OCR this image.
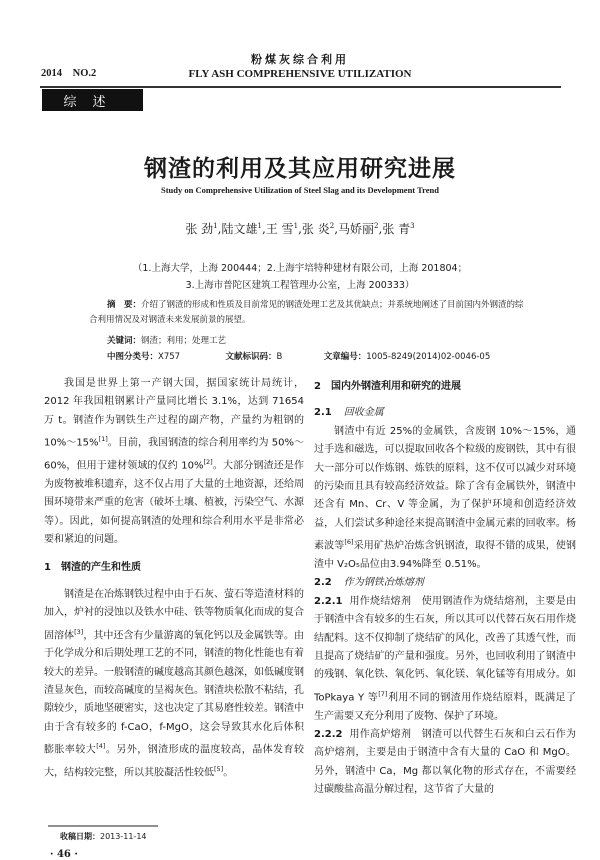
粉煤灰综合利用
2014 NO.2	FLY ASH COMPREHENSIVE UTILIZATION
综述
钢渣的利用及其应用研究进展
Study on Comprehensive Utilization of Steel Slag and its Development Trend
张 劲$^1$,陆文雄$^1$,王 雪$^1$,张 炎$^2$,马娇丽$^2$,张 青$^3$
（1.上海大学，上海 200444；2.上海宇培特种建材有限公司，上海 201804；
3.上海市普陀区建筑工程管理办公室，上海 200333）
摘　要：介绍了钢渣的形成和性质及目前常见的钢渣处理工艺及其优缺点；并系统地阐述了目前国内外钢渣的综合利用情况及对钢渣未来发展前景的展望。
关键词：钢渣；利用；处理工艺
中图分类号：X757	文献标识码：B	文章编号：1005-8249(2014)02-0046-05

我国是世界上第一产钢大国，据国家统计局统计，2012 年我国粗钢累计产量同比增长 3.1%，达到 71654 万 t。钢渣作为钢铁生产过程的副产物，产量约为粗钢的 10%～15%[1]。目前，我国钢渣的综合利用率约为 50%～60%，但用于建材领域的仅约 10%[2]。大部分钢渣还是作为废物被堆积遗弃，这不仅占用了大量的土地资源，还给周围环境带来严重的危害（破坏土壤、植被，污染空气、水源等）。因此，如何提高钢渣的处理和综合利用水平是非常必要和紧迫的问题。

1　钢渣的产生和性质

钢渣是在冶炼钢铁过程中由于石灰、萤石等造渣材料的加入，炉衬的浸蚀以及铁水中硅、铁等物质氧化而成的复合固溶体[3]，其中还含有少量游离的氧化钙以及金属铁等。由于化学成分和后期处理工艺的不同，钢渣的物化性能也有着较大的差异。一般钢渣的碱度越高其颜色越深，如低碱度钢渣显灰色，而较高碱度的呈褐灰色。钢渣块松散不粘结，孔隙较少，质地坚硬密实，这也决定了其易磨性较差。钢渣中由于含有较多的 f-CaO，f-MgO，这会导致其水化后体积膨胀率较大[4]。另外，钢渣形成的温度较高，晶体发育较大，结构较完整，所以其胶凝活性较低[5]。

2　国内外钢渣利用和研究的进展

2.1 回收金属

钢渣中有近 25%的金属铁，含废钢 10%～15%，通过手选和磁选，可以提取回收各个粒级的废钢铁，其中有很大一部分可以作炼钢、炼铁的原料，这不仅可以减少对环境的污染而且具有较高经济效益。除了含有金属铁外，钢渣中还含有 Mn、Cr、V 等金属，为了保护环境和创造经济效益，人们尝试多种途径来提高钢渣中金属元素的回收率。杨素波等[6]采用矿热炉冶炼含钒钢渣，取得不错的成果，使钢渣中 V₂O₅品位由3.94%降至 0.51%。

2.2 作为钢铁冶炼熔剂

2.2.1 用作烧结熔剂 使用钢渣作为烧结熔剂，主要是由于钢渣中含有较多的生石灰，所以其可以代替石灰石用作烧结配料。这不仅抑制了烧结矿的风化，改善了其透气性，而且提高了烧结矿的产量和强度。另外，也回收利用了钢渣中的残钢、氧化铁、氧化钙、氧化镁、氧化锰等有用成分。如 ToPkaya Y 等[7]利用不同的钢渣用作烧结原料，既满足了生产需要又充分利用了废物、保护了环境。

2.2.2 用作高炉熔剂 钢渣可以代替生石灰和白云石作为高炉熔剂，主要是由于钢渣中含有大量的 CaO 和 MgO。另外，钢渣中 Ca，Mg 都以氧化物的形式存在，不需要经过碳酸盐高温分解过程，这节省了大量的

收稿日期：2013-11-14
· 46 ·
